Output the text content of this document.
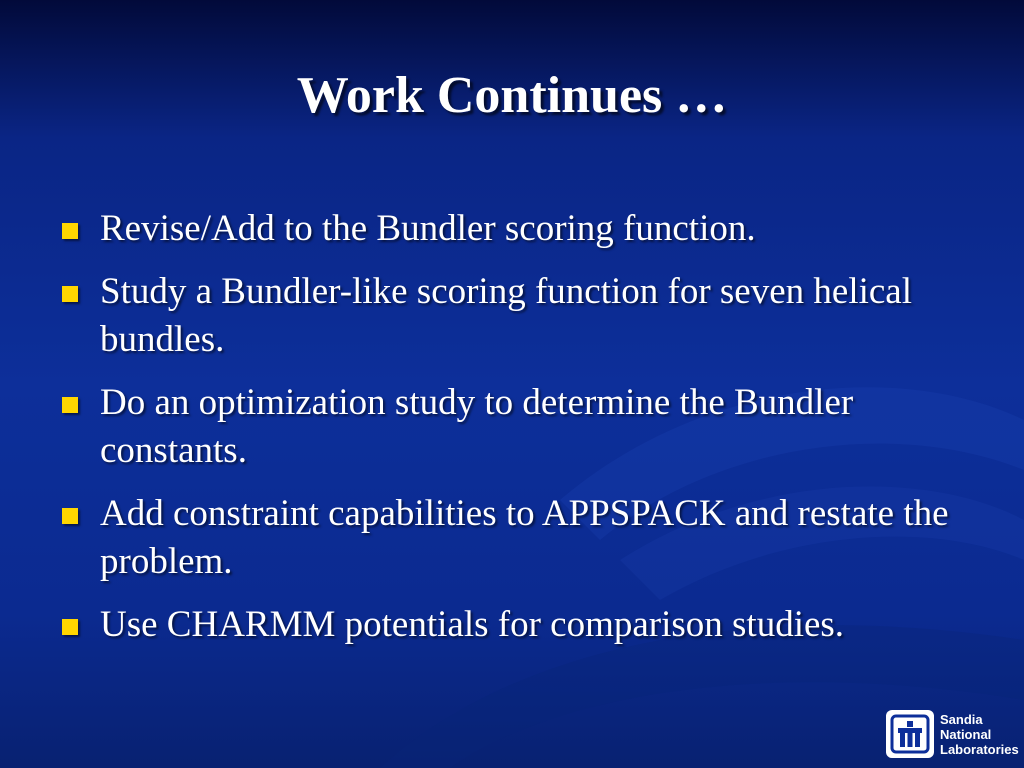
Work Continues …
Revise/Add to the Bundler scoring function.
Study a Bundler-like scoring function for seven helical bundles.
Do an optimization study to determine the Bundler constants.
Add constraint capabilities to APPSPACK and restate the problem.
Use CHARMM potentials for comparison studies.
Sandia
National
Laboratories
